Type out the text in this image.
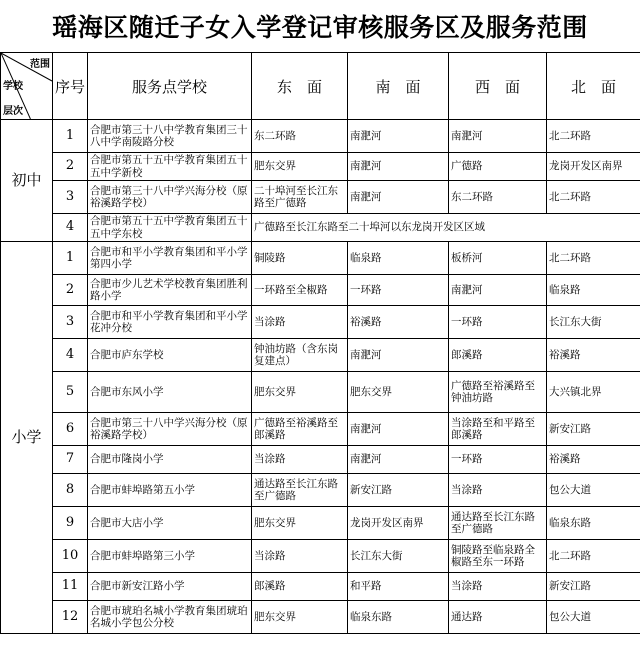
瑶海区随迁子女入学登记审核服务区及服务范围
范围
学校
层次	序号	服务点学校	东　面	南　面	西　面	北　面
初中	1	合肥市第三十八中学教育集团三十八中学南陵路分校	东二环路	南淝河	南淝河	北二环路
	2	合肥市第五十五中学教育集团五十五中学新校	肥东交界	南淝河	广德路	龙岗开发区南界
	3	合肥市第三十八中学兴海分校（原裕溪路学校）	二十埠河至长江东路至广德路	南淝河	东二环路	北二环路
	4	合肥市第五十五中学教育集团五十五中学东校	广德路至长江东路至二十埠河以东龙岗开发区区域			
小学	1	合肥市和平小学教育集团和平小学第四小学	铜陵路	临泉路	板桥河	北二环路
	2	合肥市少儿艺术学校教育集团胜利路小学	一环路至全椒路	一环路	南淝河	临泉路
	3	合肥市和平小学教育集团和平小学花冲分校	当涂路	裕溪路	一环路	长江东大街
	4	合肥市庐东学校	钟油坊路（含东岗复建点）	南淝河	郎溪路	裕溪路
	5	合肥市东风小学	肥东交界	肥东交界	广德路至裕溪路至钟油坊路	大兴镇北界
	6	合肥市第三十八中学兴海分校（原裕溪路学校）	广德路至裕溪路至郎溪路	南淝河	当涂路至和平路至郎溪路	新安江路
	7	合肥市隆岗小学	当涂路	南淝河	一环路	裕溪路
	8	合肥市蚌埠路第五小学	通达路至长江东路至广德路	新安江路	当涂路	包公大道
	9	合肥市大店小学	肥东交界	龙岗开发区南界	通达路至长江东路至广德路	临泉东路
	10	合肥市蚌埠路第三小学	当涂路	长江东大街	铜陵路至临泉路全椒路至东一环路	北二环路
	11	合肥市新安江路小学	郎溪路	和平路	当涂路	新安江路
	12	合肥市琥珀名城小学教育集团琥珀名城小学包公分校	肥东交界	临泉东路	通达路	包公大道
